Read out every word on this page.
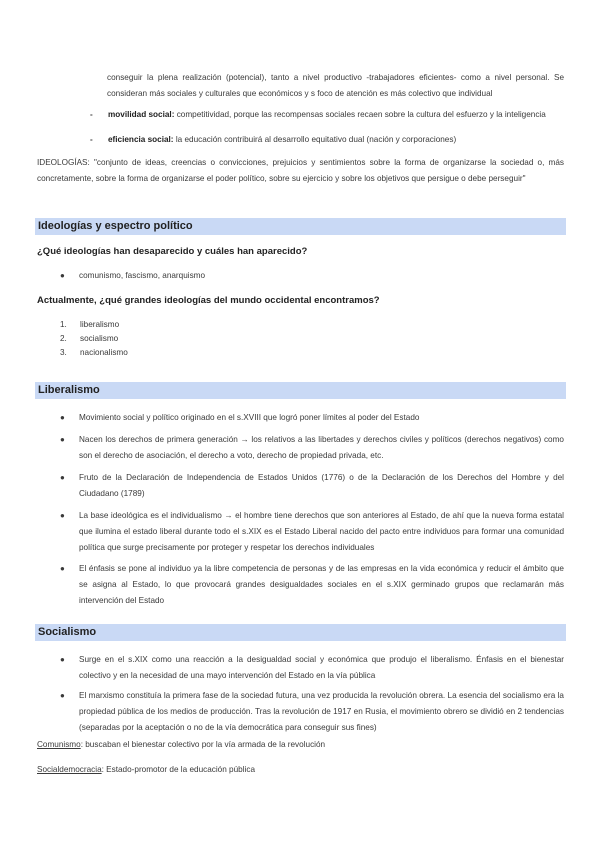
conseguir la plena realización (potencial), tanto a nivel productivo -trabajadores eficientes- como a nivel personal. Se consideran más sociales y culturales que económicos y s foco de atención es más colectivo que individual
- movilidad social: competitividad, porque las recompensas sociales recaen sobre la cultura del esfuerzo y la inteligencia
- eficiencia social: la educación contribuirá al desarrollo equitativo dual (nación y corporaciones)
IDEOLOGÍAS: "conjunto de ideas, creencias o convicciones, prejuicios y sentimientos sobre la forma de organizarse la sociedad o, más concretamente, sobre la forma de organizarse el poder político, sobre su ejercicio y sobre los objetivos que persigue o debe perseguir"
Ideologías y espectro político
¿Qué ideologías han desaparecido y cuáles han aparecido?
● comunismo, fascismo, anarquismo
Actualmente, ¿qué grandes ideologías del mundo occidental encontramos?
1. liberalismo
2. socialismo
3. nacionalismo
Liberalismo
● Movimiento social y político originado en el s.XVIII que logró poner límites al poder del Estado
● Nacen los derechos de primera generación → los relativos a las libertades y derechos civiles y políticos (derechos negativos) como son el derecho de asociación, el derecho a voto, derecho de propiedad privada, etc.
● Fruto de la Declaración de Independencia de Estados Unidos (1776) o de la Declaración de los Derechos del Hombre y del Ciudadano (1789)
● La base ideológica es el individualismo → el hombre tiene derechos que son anteriores al Estado, de ahí que la nueva forma estatal que ilumina el estado liberal durante todo el s.XIX es el Estado Liberal nacido del pacto entre individuos para formar una comunidad política que surge precisamente por proteger y respetar los derechos individuales
● El énfasis se pone al individuo ya la libre competencia de personas y de las empresas en la vida económica y reducir el ámbito que se asigna al Estado, lo que provocará grandes desigualdades sociales en el s.XIX germinado grupos que reclamarán más intervención del Estado
Socialismo
● Surge en el s.XIX como una reacción a la desigualdad social y económica que produjo el liberalismo. Énfasis en el bienestar colectivo y en la necesidad de una mayo intervención del Estado en la vía pública
● El marxismo constituía la primera fase de la sociedad futura, una vez producida la revolución obrera. La esencia del socialismo era la propiedad pública de los medios de producción. Tras la revolución de 1917 en Rusia, el movimiento obrero se dividió en 2 tendencias (separadas por la aceptación o no de la vía democrática para conseguir sus fines)
Comunismo: buscaban el bienestar colectivo por la vía armada de la revolución
Socialdemocracia: Estado-promotor de la educación pública
